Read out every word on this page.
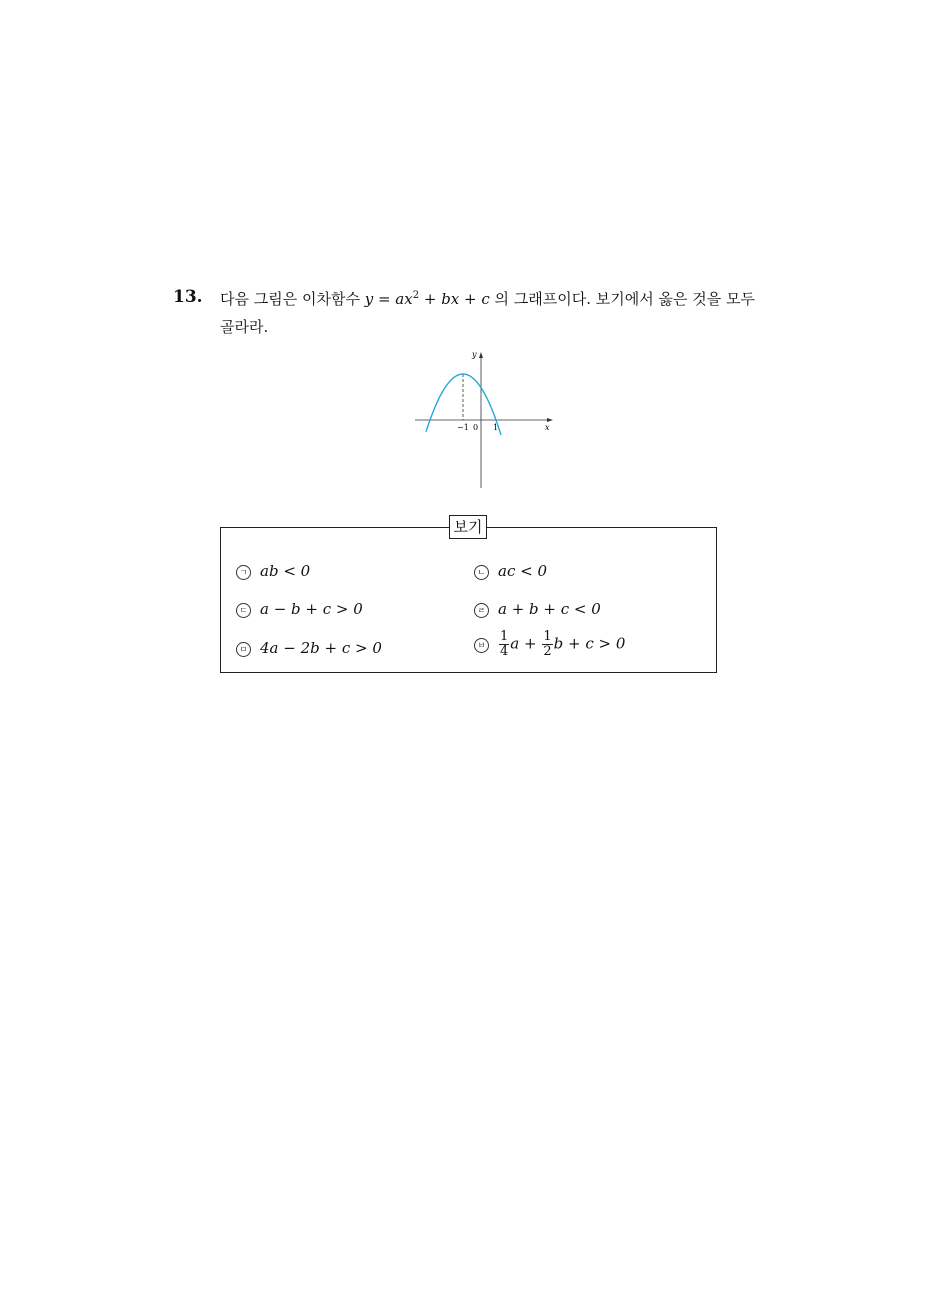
13. 다음 그림은 이차함수 $y = ax^2$ + bx + c 의 그래프이다. 보기에서 옳은 것을 모두
골라라.
y
x
−1 0 1
보기
ㄱ ab < 0	ㄴ ac < 0
ㄷ a − b + c > 0	ㄹ a + b + c < 0
ㅁ 4a − 2b + c > 0	ㅂ $\frac{1}{4}$ $a + \frac{1}{2}$ b + c > 0
